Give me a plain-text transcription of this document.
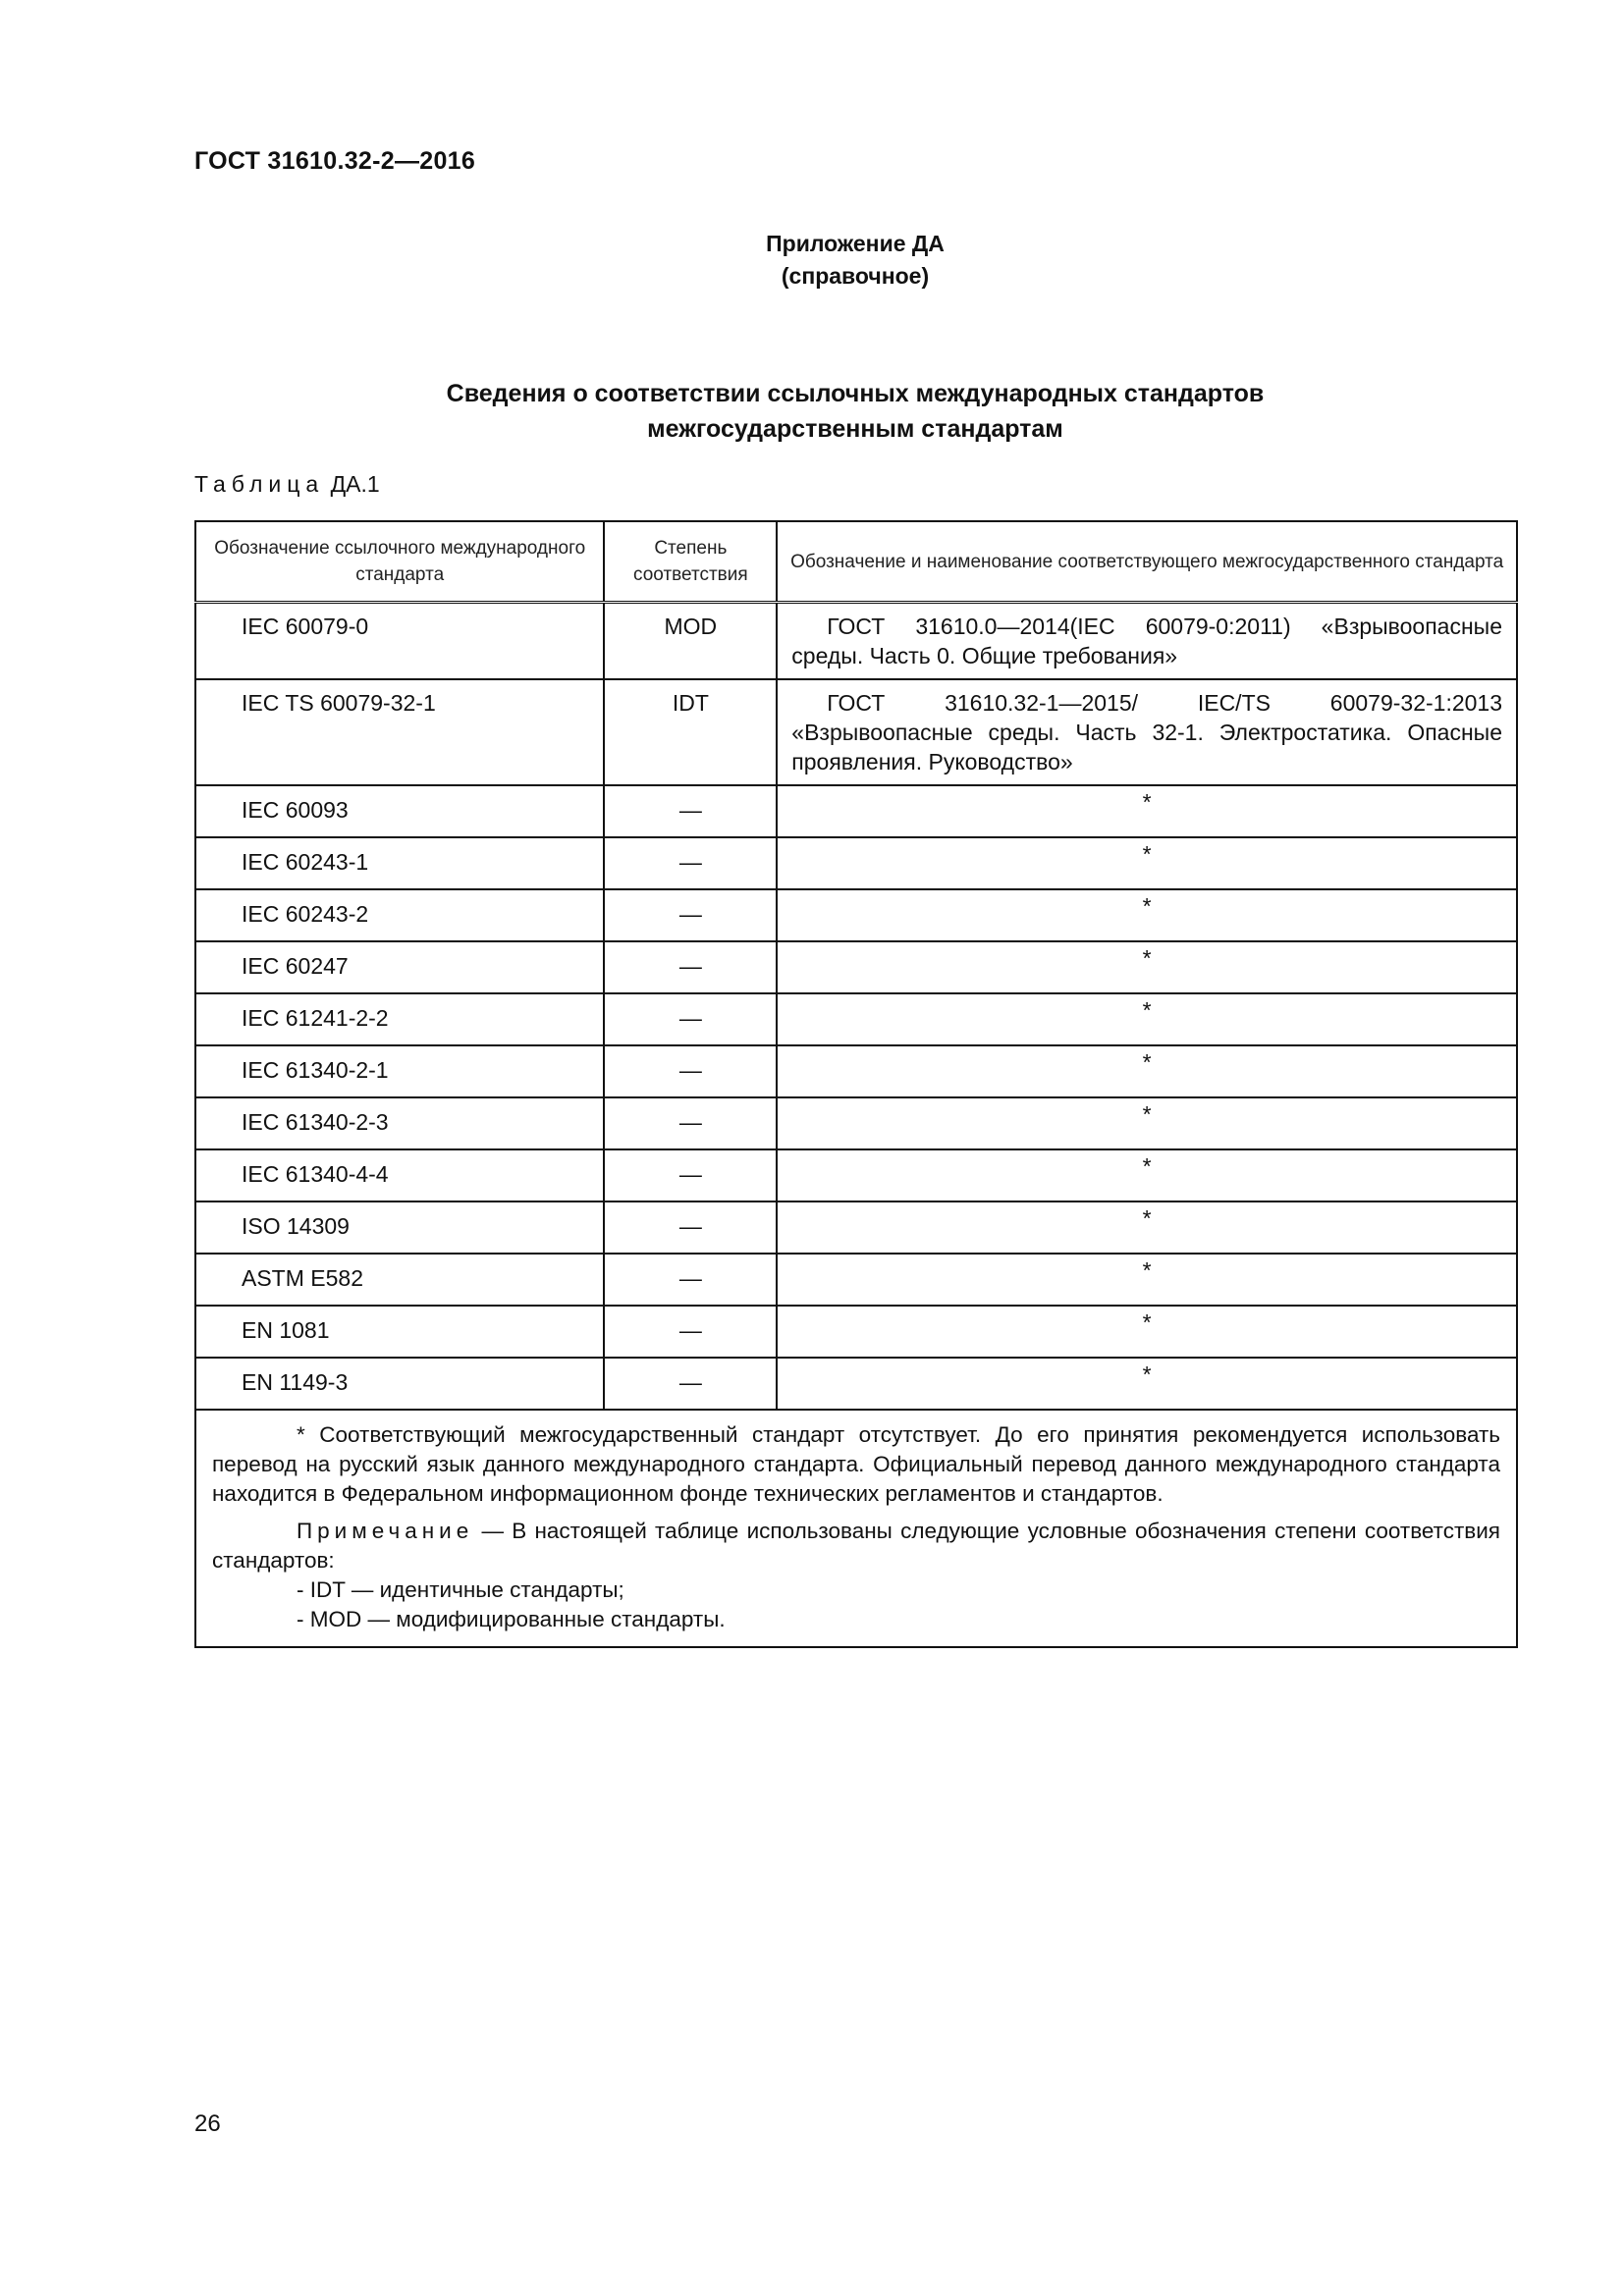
ГОСТ 31610.32-2—2016
Приложение ДА
(справочное)
Сведения о соответствии ссылочных международных стандартов
межгосударственным стандартам
Таблица ДА.1
Обозначение ссылочного международного стандарта	Степень соответствия	Обозначение и наименование соответствующего межгосударственного стандарта
IEC 60079-0	MOD	ГОСТ 31610.0—2014(IEC 60079-0:2011) «Взрывоопасные среды. Часть 0. Общие требования»
IEC TS 60079-32-1	IDT	ГОСТ 31610.32-1—2015/ IEC/TS 60079-32-1:2013 «Взрывоопасные среды. Часть 32-1. Электростатика. Опасные проявления. Руководство»
IEC 60093	—	*
IEC 60243-1	—	*
IEC 60243-2	—	*
IEC 60247	—	*
IEC 61241-2-2	—	*
IEC 61340-2-1	—	*
IEC 61340-2-3	—	*
IEC 61340-4-4	—	*
ISO 14309	—	*
ASTM E582	—	*
EN 1081	—	*
EN 1149-3	—	*

* Соответствующий межгосударственный стандарт отсутствует. До его принятия рекомендуется использовать перевод на русский язык данного международного стандарта. Официальный перевод данного международного стандарта находится в Федеральном информационном фонде технических регламентов и стандартов.

Примечание — В настоящей таблице использованы следующие условные обозначения степени соответствия стандартов:

- IDT — идентичные стандарты;

- MOD — модифицированные стандарты.		

26
